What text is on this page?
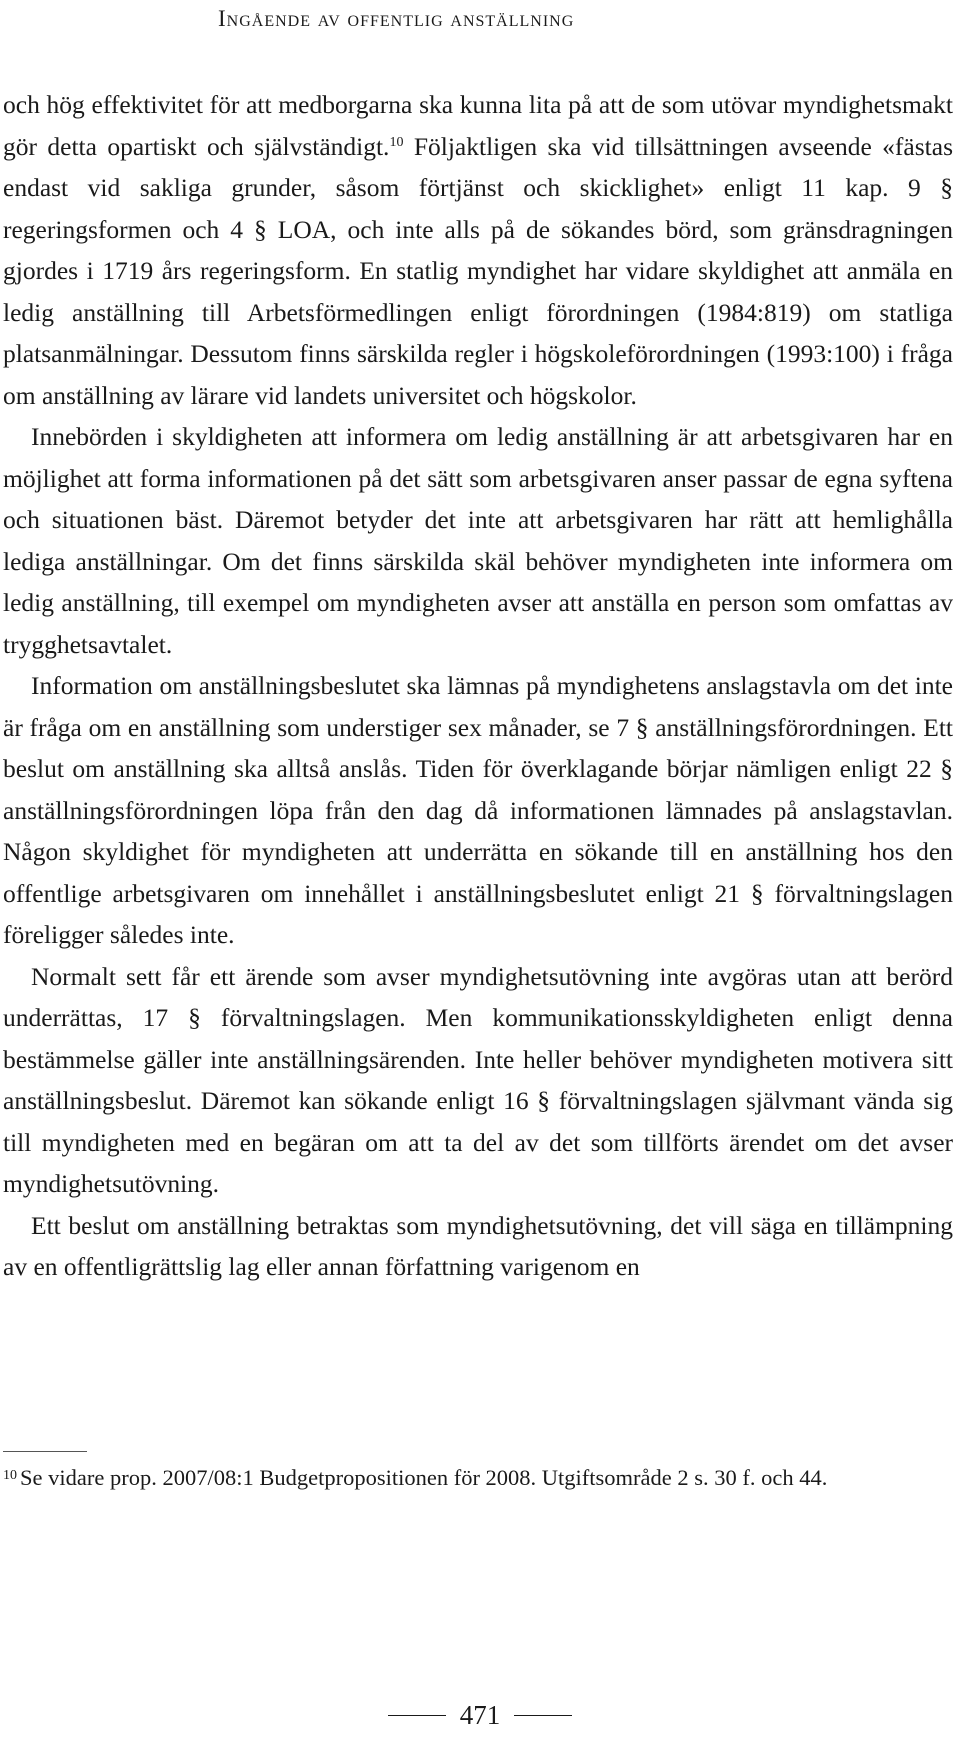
Ingående av offentlig anställning

och hög effektivitet för att medborgarna ska kunna lita på att de som utövar myndighetsmakt gör detta opartiskt och självständigt.$^{10}$ Följaktligen ska vid tillsättningen avseende «fästas endast vid sakliga grunder, såsom förtjänst och skicklighet» enligt 11 kap. 9 § regeringsformen och 4 § LOA, och inte alls på de sökandes börd, som gränsdragningen gjordes i 1719 års regeringsform. En statlig myndighet har vidare skyldighet att anmäla en ledig anställning till Arbetsförmedlingen enligt förordningen (1984:819) om statliga platsanmälningar. Dessutom finns särskilda regler i högskoleförordningen (1993:100) i fråga om anställning av lärare vid landets universitet och högskolor.

Innebörden i skyldigheten att informera om ledig anställning är att arbetsgivaren har en möjlighet att forma informationen på det sätt som arbetsgivaren anser passar de egna syftena och situationen bäst. Däremot betyder det inte att arbetsgivaren har rätt att hemlighålla lediga anställningar. Om det finns särskilda skäl behöver myndigheten inte informera om ledig anställning, till exempel om myndigheten avser att anställa en person som omfattas av trygghetsavtalet.

Information om anställningsbeslutet ska lämnas på myndighetens anslagstavla om det inte är fråga om en anställning som understiger sex månader, se 7 § anställningsförordningen. Ett beslut om anställning ska alltså anslås. Tiden för överklagande börjar nämligen enligt 22 § anställningsförordningen löpa från den dag då informationen lämnades på anslagstavlan. Någon skyldighet för myndigheten att underrätta en sökande till en anställning hos den offentlige arbetsgivaren om innehållet i anställningsbeslutet enligt 21 § förvaltningslagen föreligger således inte.

Normalt sett får ett ärende som avser myndighetsutövning inte avgöras utan att berörd underrättas, 17 § förvaltningslagen. Men kommunikationsskyldigheten enligt denna bestämmelse gäller inte anställningsärenden. Inte heller behöver myndigheten motivera sitt anställningsbeslut. Däremot kan sökande enligt 16 § förvaltningslagen självmant vända sig till myndigheten med en begäran om att ta del av det som tillförts ärendet om det avser myndighetsutövning.

Ett beslut om anställning betraktas som myndighetsutövning, det vill säga en tillämpning av en offentligrättslig lag eller annan författning varigenom en

$^{10}$ Se vidare prop. 2007/08:1 Budgetpropositionen för 2008. Utgiftsområde 2 s. 30 f. och 44.
471
